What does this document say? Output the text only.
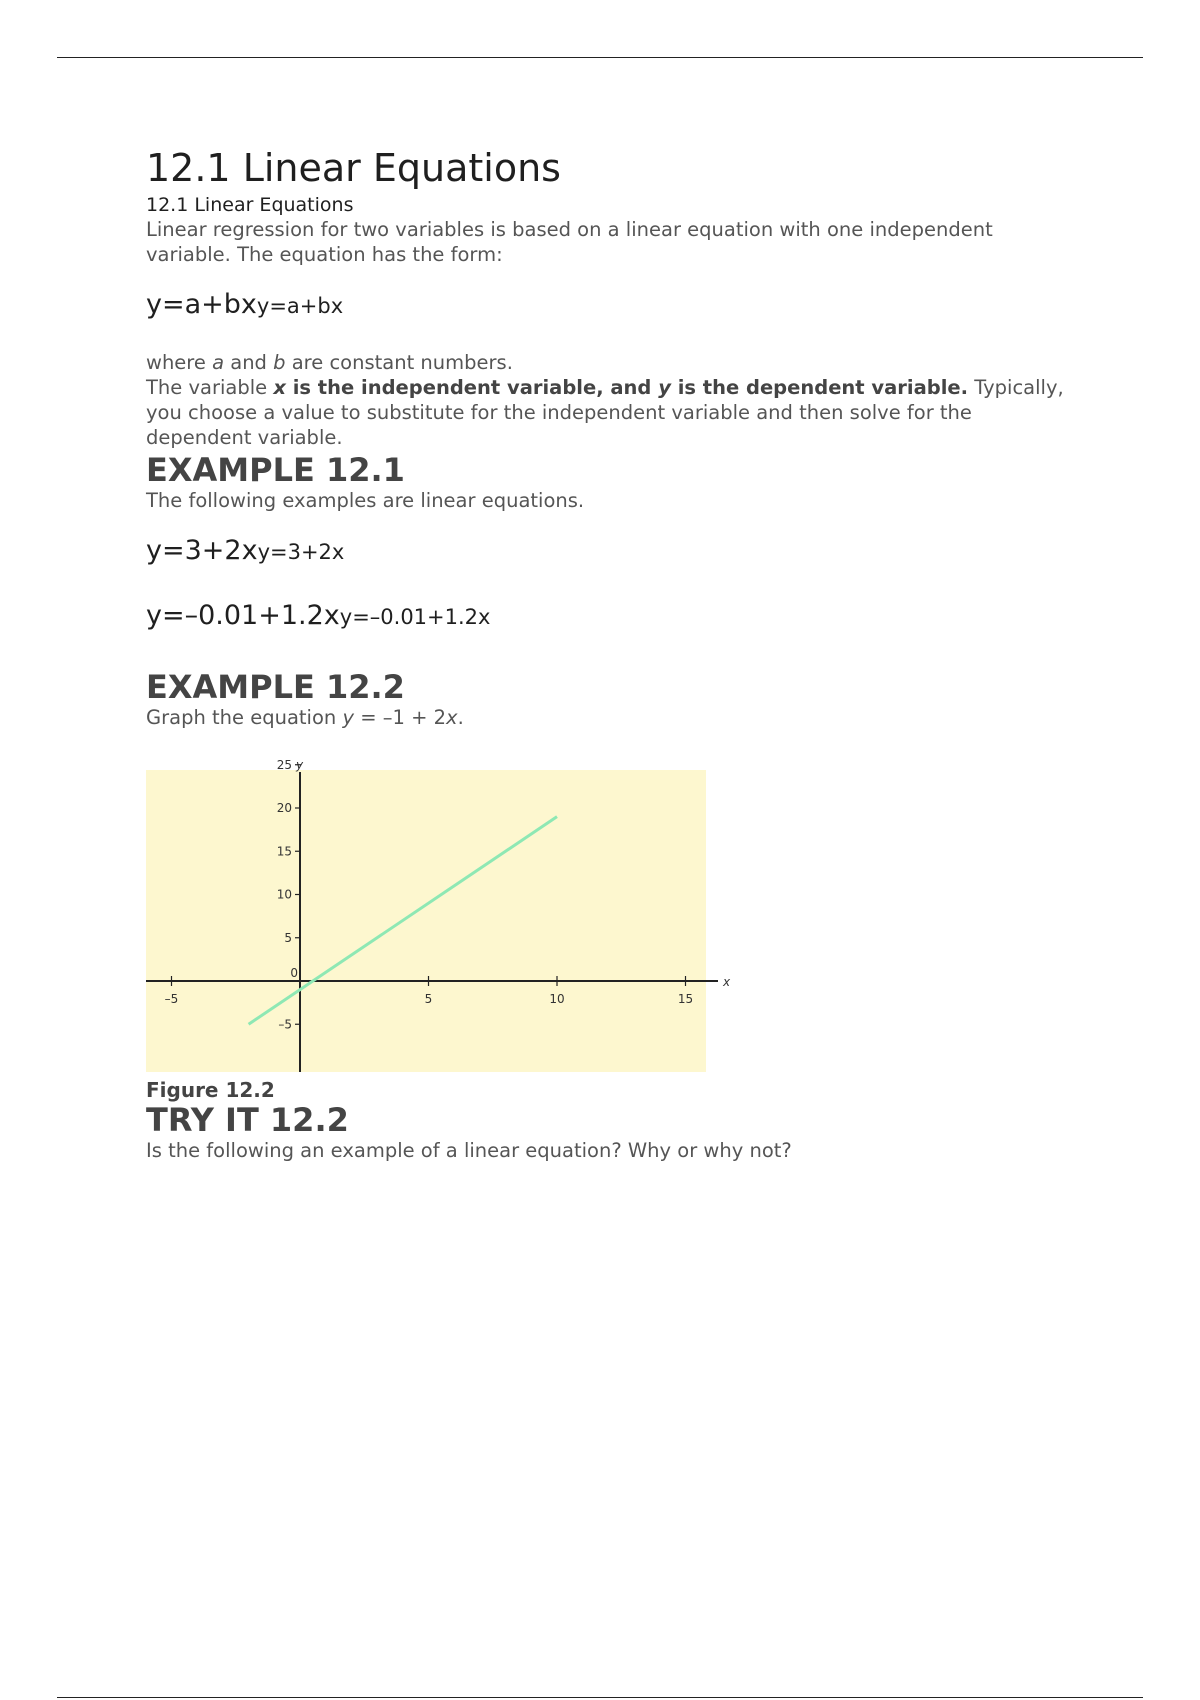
12.1 Linear Equations
12.1 Linear Equations

Linear regression for two variables is based on a linear equation with one independent variable. The equation has the form:

y=a+bxy=a+bx

where a and b are constant numbers.

The variable x is the independent variable, and y is the dependent variable. Typically, you choose a value to substitute for the independent variable and then solve for the dependent variable.

EXAMPLE 12.1

The following examples are linear equations.

y=3+2xy=3+2x
y=–0.01+1.2xy=–0.01+1.2x
EXAMPLE 12.2

Graph the equation y = –1 + 2x.

x
y
–5	5	10	15
–5
0
5
10
15
20
25
Figure 12.2
TRY IT 12.2

Is the following an example of a linear equation? Why or why not?
